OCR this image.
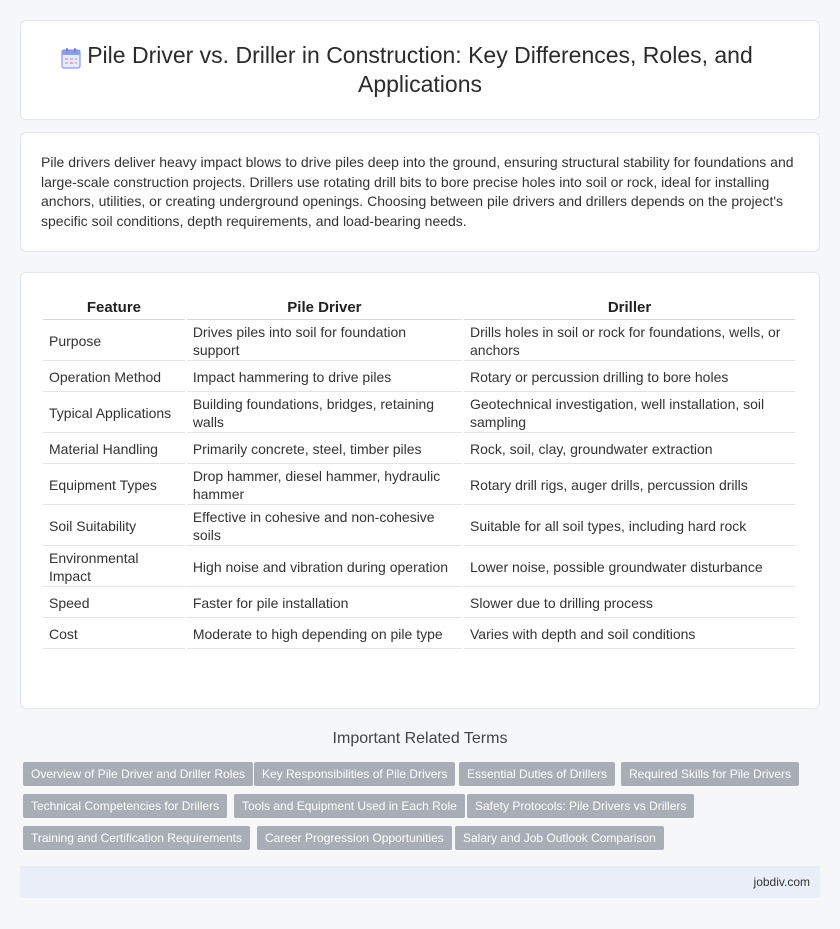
Pile Driver vs. Driller in Construction: Key Differences, Roles, and Applications

Pile drivers deliver heavy impact blows to drive piles deep into the ground, ensuring structural stability for foundations and large-scale construction projects. Drillers use rotating drill bits to bore precise holes into soil or rock, ideal for installing anchors, utilities, or creating underground openings. Choosing between pile drivers and drillers depends on the project's specific soil conditions, depth requirements, and load-bearing needs.

Feature	Pile Driver	Driller
Purpose	Drives piles into soil for foundation support	Drills holes in soil or rock for foundations, wells, or anchors
Operation Method	Impact hammering to drive piles	Rotary or percussion drilling to bore holes
Typical Applications	Building foundations, bridges, retaining walls	Geotechnical investigation, well installation, soil sampling
Material Handling	Primarily concrete, steel, timber piles	Rock, soil, clay, groundwater extraction
Equipment Types	Drop hammer, diesel hammer, hydraulic hammer	Rotary drill rigs, auger drills, percussion drills
Soil Suitability	Effective in cohesive and non-cohesive soils	Suitable for all soil types, including hard rock
Environmental Impact	High noise and vibration during operation	Lower noise, possible groundwater disturbance
Speed	Faster for pile installation	Slower due to drilling process
Cost	Moderate to high depending on pile type	Varies with depth and soil conditions
Important Related Terms
Overview of Pile Driver and Driller Roles	Key Responsibilities of Pile Drivers	Essential Duties of Drillers	Required Skills for Pile Drivers
Technical Competencies for Drillers	Tools and Equipment Used in Each Role	Safety Protocols: Pile Drivers vs Drillers
Training and Certification Requirements	Career Progression Opportunities	Salary and Job Outlook Comparison
jobdiv.com
